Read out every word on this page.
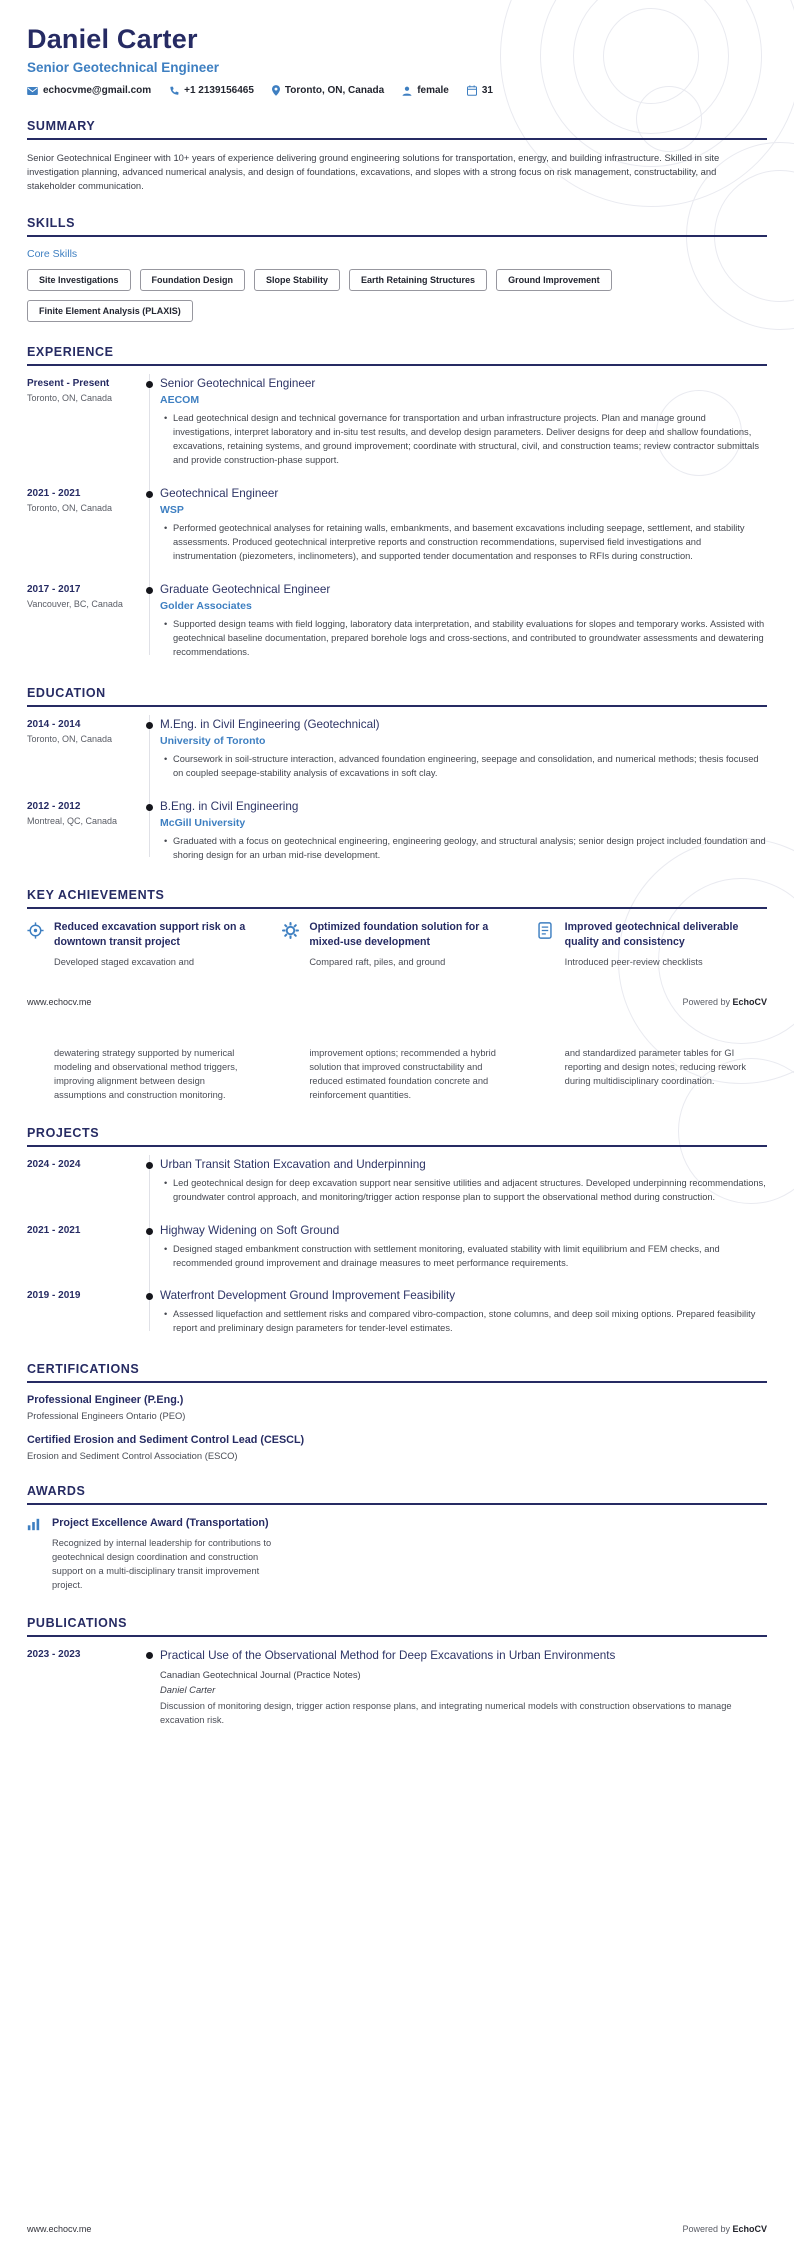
Daniel Carter
Senior Geotechnical Engineer
echocvme@gmail.com	+1 2139156465	Toronto, ON, Canada	female	31
SUMMARY

Senior Geotechnical Engineer with 10+ years of experience delivering ground engineering solutions for transportation, energy, and building infrastructure. Skilled in site investigation planning, advanced numerical analysis, and design of foundations, excavations, and slopes with a strong focus on risk management, constructability, and stakeholder communication.

SKILLS
Core Skills
Site Investigations	Foundation Design	Slope Stability	Earth Retaining Structures	Ground Improvement
Finite Element Analysis (PLAXIS)
EXPERIENCE
Present - Present
Toronto, ON, Canada
Senior Geotechnical Engineer
AECOM
• Lead geotechnical design and technical governance for transportation and urban infrastructure projects. Plan and manage ground investigations, interpret laboratory and in-situ test results, and develop design parameters. Deliver designs for deep and shallow foundations, excavations, retaining systems, and ground improvement; coordinate with structural, civil, and construction teams; review contractor submittals and provide construction-phase support.
2021 - 2021
Toronto, ON, Canada
Geotechnical Engineer
WSP
• Performed geotechnical analyses for retaining walls, embankments, and basement excavations including seepage, settlement, and stability assessments. Produced geotechnical interpretive reports and construction recommendations, supervised field investigations and instrumentation (piezometers, inclinometers), and supported tender documentation and responses to RFIs during construction.
2017 - 2017
Vancouver, BC, Canada
Graduate Geotechnical Engineer
Golder Associates
• Supported design teams with field logging, laboratory data interpretation, and stability evaluations for slopes and temporary works. Assisted with geotechnical baseline documentation, prepared borehole logs and cross-sections, and contributed to groundwater assessments and dewatering recommendations.
EDUCATION
2014 - 2014
Toronto, ON, Canada
M.Eng. in Civil Engineering (Geotechnical)
University of Toronto
• Coursework in soil-structure interaction, advanced foundation engineering, seepage and consolidation, and numerical methods; thesis focused on coupled seepage-stability analysis of excavations in soft clay.
2012 - 2012
Montreal, QC, Canada
B.Eng. in Civil Engineering
McGill University
• Graduated with a focus on geotechnical engineering, engineering geology, and structural analysis; senior design project included foundation and shoring design for an urban mid-rise development.
KEY ACHIEVEMENTS
Reduced excavation support risk on a downtown transit project
Developed staged excavation and
Optimized foundation solution for a mixed-use development
Compared raft, piles, and ground
Improved geotechnical deliverable quality and consistency
Introduced peer-review checklists
www.echocv.me	Powered by EchoCV
dewatering strategy supported by numerical modeling and observational method triggers, improving alignment between design assumptions and construction monitoring.
improvement options; recommended a hybrid solution that improved constructability and reduced estimated foundation concrete and reinforcement quantities.
and standardized parameter tables for GI reporting and design notes, reducing rework during multidisciplinary coordination.
PROJECTS
2024 - 2024	Urban Transit Station Excavation and Underpinning
• Led geotechnical design for deep excavation support near sensitive utilities and adjacent structures. Developed underpinning recommendations, groundwater control approach, and monitoring/trigger action response plan to support the observational method during construction.
2021 - 2021	Highway Widening on Soft Ground
• Designed staged embankment construction with settlement monitoring, evaluated stability with limit equilibrium and FEM checks, and recommended ground improvement and drainage measures to meet performance requirements.
2019 - 2019	Waterfront Development Ground Improvement Feasibility
• Assessed liquefaction and settlement risks and compared vibro-compaction, stone columns, and deep soil mixing options. Prepared feasibility report and preliminary design parameters for tender-level estimates.
CERTIFICATIONS
Professional Engineer (P.Eng.)
Professional Engineers Ontario (PEO)
Certified Erosion and Sediment Control Lead (CESCL)
Erosion and Sediment Control Association (ESCO)
AWARDS
Project Excellence Award (Transportation)
Recognized by internal leadership for contributions to geotechnical design coordination and construction support on a multi-disciplinary transit improvement project.
PUBLICATIONS
2023 - 2023	Practical Use of the Observational Method for Deep Excavations in Urban Environments
Canadian Geotechnical Journal (Practice Notes)
Daniel Carter
Discussion of monitoring design, trigger action response plans, and integrating numerical models with construction observations to manage excavation risk.
www.echocv.me	Powered by EchoCV
